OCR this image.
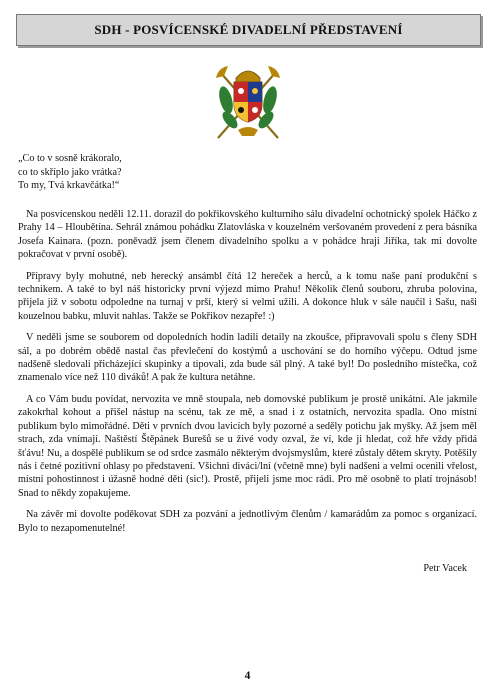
SDH - POSVÍCENSKÉ DIVADELNÍ PŘEDSTAVENÍ
„Co to v sosně krákoralo,
co to skřípl​o jako vrátka?
To my, Tvá krkavčátka!“

Na posvícenskou neděli 12.11. dorazil do pokřikovského kulturního sálu divadelní ochotnický spolek Háčko z Prahy 14 – Hloubětína. Sehrál známou pohádku Zlatovláska v kouzelném veršovaném provedení z pera básníka Josefa Kainara. (pozn. poněvadž jsem členem divadelního spolku a v pohádce hraji Jiříka, tak mi dovolte pokračovat v první osobě).

Přípravy byly mohutné, neb herecký ansámbl čítá 12 hereček a herců, a k tomu naše paní produkční s technikem. A také to byl náš historicky první výjezd mimo Prahu! Několik členů souboru, zhruba polovina, přijela již v sobotu odpoledne na turnaj v prší, který si velmi užili. A dokonce hluk v sále naučil i Sašu, naši kouzelnou babku, mluvit nahlas. Takže se Pokřikov nezapře! :)

V neděli jsme se souborem od dopoledních hodin ladili detaily na zkoušce, připravovali spolu s členy SDH sál, a po dobrém obědě nastal čas převlečení do kostýmů a uschování se do horního výčepu. Odtud jsme nadšeně sledovali přicházející skupinky a tipovali, zda bude sál plný. A také byl! Do posledního místečka, což znamenalo více než 110 diváků! A pak že kultura netáhne.

A co Vám budu povídat, nervozita ve mně stoupala, neb domovské publikum je prostě unikátní. Ale jakmile zakokrhal kohout a přišel nástup na scénu, tak ze mě, a snad i z ostatních, nervozita spadla. Ono místní publikum bylo mimořádné. Děti v prvních dvou lavicích byly pozorné a seděly potichu jak myšky. Až jsem měl strach, zda vnímají. Naštěstí Štěpánek Burešů se u živé vody ozval, že ví, kde ji hledat, což hře vždy přidá šťávu! Nu, a dospělé publikum se od srdce zasmálo některým dvojsmyslům, které zůstaly dětem skryty. Potěšily nás i četné pozitivní ohlasy po představení. Všichni diváci/lní (včetně mne) byli nadšeni a velmi ocenili vřelost, místní pohostinnost i úžasně hodné děti (sic!). Prostě, přijeli jsme moc rádi. Pro mě osobně to platí trojnásob! Snad to někdy zopakujeme.

Na závěr mi dovolte poděkovat SDH za pozvání a jednotlivým členům / kamarádům za pomoc s organizací. Bylo to nezapomenutelné!

Petr Vacek
4
